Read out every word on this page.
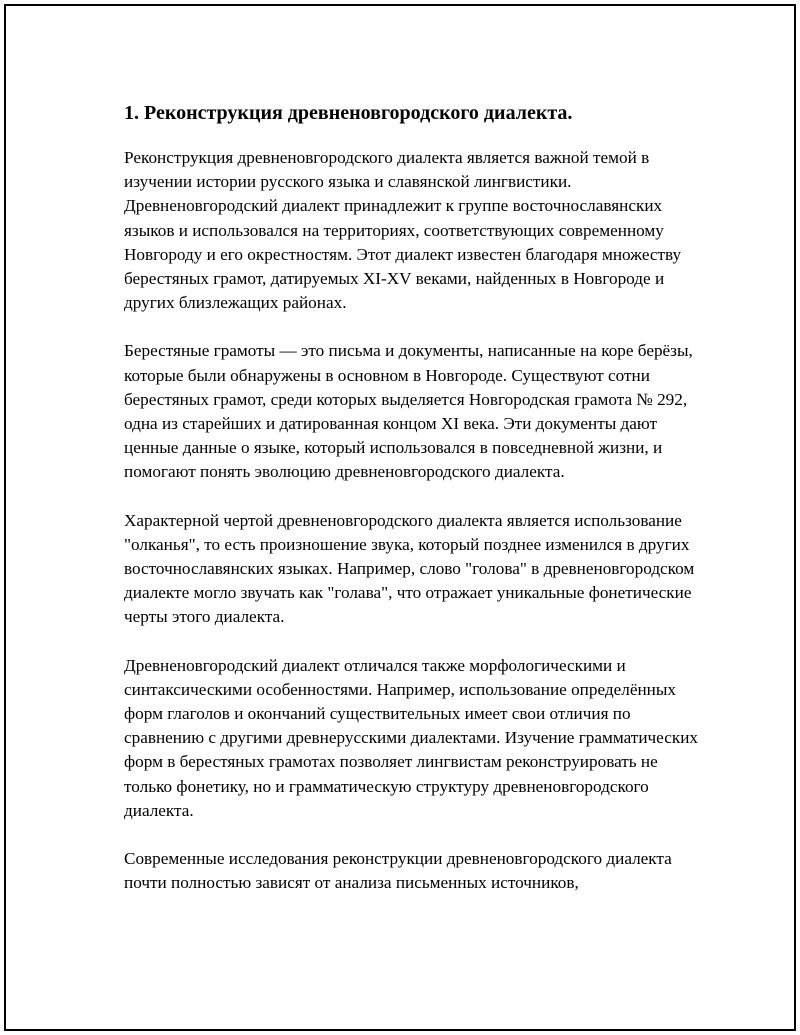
1. Реконструкция древненовгородского диалекта.

Реконструкция древненовгородского диалекта является важной темой в изучении истории русского языка и славянской лингвистики. Древненовгородский диалект принадлежит к группе восточнославянских языков и использовался на территориях, соответствующих современному Новгороду и его окрестностям. Этот диалект известен благодаря множеству берестяных грамот, датируемых XI-XV веками, найденных в Новгороде и других близлежащих районах.

Берестяные грамоты — это письма и документы, написанные на коре берёзы, которые были обнаружены в основном в Новгороде. Существуют сотни берестяных грамот, среди которых выделяется Новгородская грамота № 292, одна из старейших и датированная концом XI века. Эти документы дают ценные данные о языке, который использовался в повседневной жизни, и помогают понять эволюцию древненовгородского диалекта.

Характерной чертой древненовгородского диалекта является использование "олканья", то есть произношение звука, который позднее изменился в других восточнославянских языках. Например, слово "голова" в древненовгородском диалекте могло звучать как "голава", что отражает уникальные фонетические черты этого диалекта.

Древненовгородский диалект отличался также морфологическими и синтаксическими особенностями. Например, использование определённых форм глаголов и окончаний существительных имеет свои отличия по сравнению с другими древнерусскими диалектами. Изучение грамматических форм в берестяных грамотах позволяет лингвистам реконструировать не только фонетику, но и грамматическую структуру древненовгородского диалекта.

Современные исследования реконструкции древненовгородского диалекта почти полностью зависят от анализа письменных источников,
